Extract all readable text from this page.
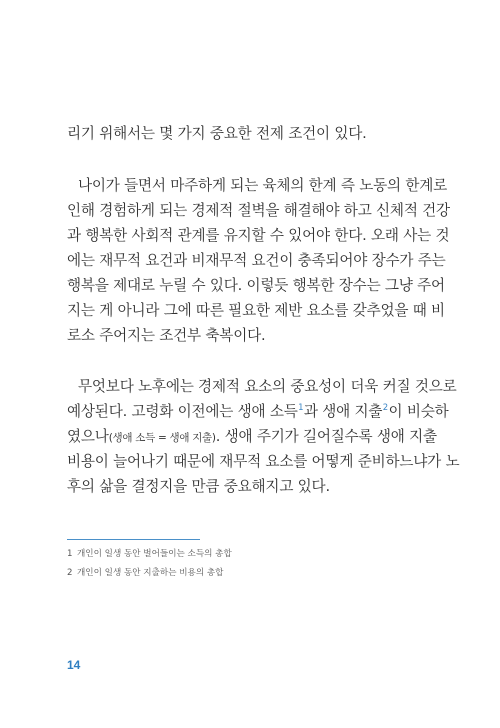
리기 위해서는 몇 가지 중요한 전제 조건이 있다.
나이가 들면서 마주하게 되는 육체의 한계 즉 노동의 한계로
인해 경험하게 되는 경제적 절벽을 해결해야 하고 신체적 건강
과 행복한 사회적 관계를 유지할 수 있어야 한다. 오래 사는 것
에는 재무적 요건과 비재무적 요건이 충족되어야 장수가 주는
행복을 제대로 누릴 수 있다. 이렇듯 행복한 장수는 그냥 주어
지는 게 아니라 그에 따른 필요한 제반 요소를 갖추었을 때 비
로소 주어지는 조건부 축복이다.
무엇보다 노후에는 경제적 요소의 중요성이 더욱 커질 것으로
예상된다. 고령화 이전에는 생애 소득$^1$과 생애 지출$^2$이 비슷하
였으나(생애 소득 = 생애 지출). 생애 주기가 길어질수록 생애 지출
비용이 늘어나기 때문에 재무적 요소를 어떻게 준비하느냐가 노
후의 삶을 결정지을 만큼 중요해지고 있다.
1 개인이 일생 동안 벌어들이는 소득의 총합
2 개인이 일생 동안 지출하는 비용의 총합
14
